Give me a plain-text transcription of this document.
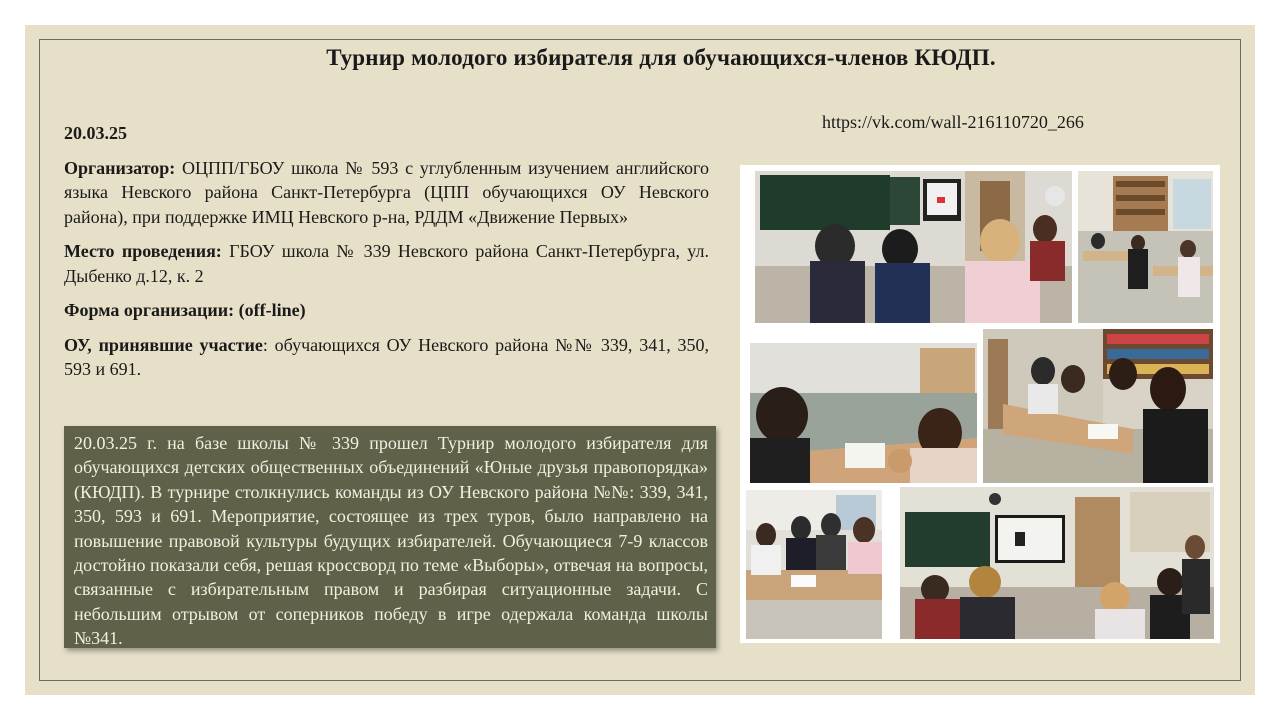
Турнир молодого избирателя для обучающихся-членов КЮДП.
https://vk.com/wall-216110720_266

20.03.25

Организатор: ОЦПП/ГБОУ школа № 593 с углубленным изучением английского языка Невского района Санкт-Петербурга (ЦПП обучающихся ОУ Невского района), при поддержке ИМЦ Невского р-на, РДДМ «Движение Первых»

Место проведения: ГБОУ школа № 339 Невского района Санкт-Петербурга, ул. Дыбенко д.12, к. 2

Форма организации: (off-line)

ОУ, принявшие участие: обучающихся ОУ Невского района №№ 339, 341, 350, 593 и 691.

20.03.25 г. на базе школы № 339 прошел Турнир молодого избирателя для обучающихся детских общественных объединений «Юные друзья правопорядка» (КЮДП). В турнире столкнулись команды из ОУ Невского района №№: 339, 341, 350, 593 и 691. Мероприятие, состоящее из трех туров, было направлено на повышение правовой культуры будущих избирателей. Обучающиеся 7-9 классов достойно показали себя, решая кроссворд по теме «Выборы», отвечая на вопросы, связанные с избирательным правом и разбирая ситуационные задачи. С небольшим отрывом от соперников победу в игре одержала команда школы №341.
